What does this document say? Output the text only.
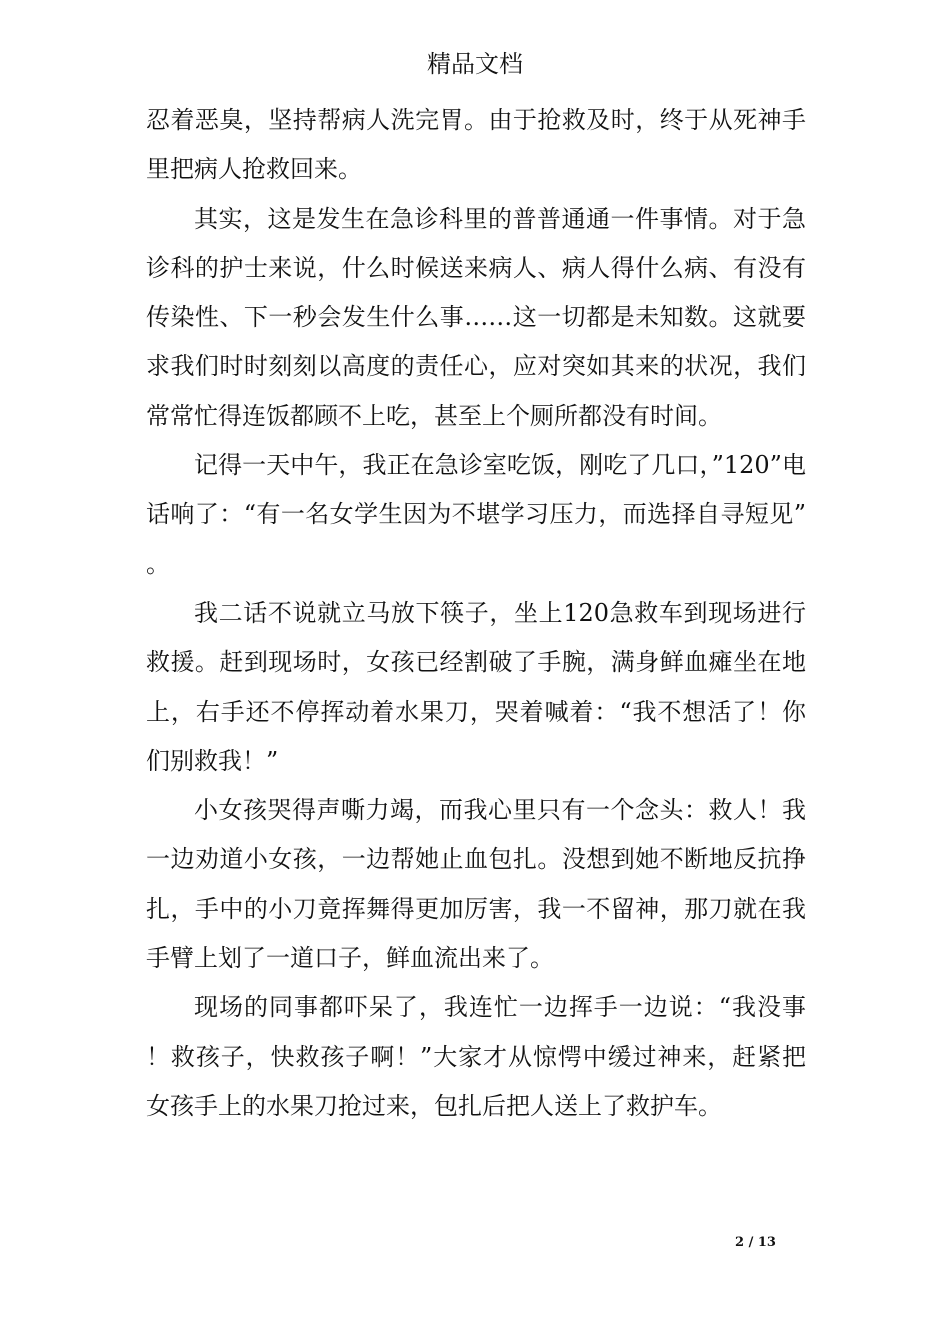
精品文档

忍着恶臭，坚持帮病人洗完胃。由于抢救及时，终于从死神手里把病人抢救回来。

其实，这是发生在急诊科里的普普通通一件事情。对于急诊科的护士来说，什么时候送来病人、病人得什么病、有没有传染性、下一秒会发生什么事……这一切都是未知数。这就要求我们时时刻刻以高度的责任心，应对突如其来的状况，我们常常忙得连饭都顾不上吃，甚至上个厕所都没有时间。

记得一天中午，我正在急诊室吃饭，刚吃了几口，”120”电话响了：“有一名女学生因为不堪学习压力，而选择自寻短见”。

我二话不说就立马放下筷子，坐上120急救车到现场进行救援。赶到现场时，女孩已经割破了手腕，满身鲜血瘫坐在地上，右手还不停挥动着水果刀，哭着喊着：“我不想活了！你们别救我！”

小女孩哭得声嘶力竭，而我心里只有一个念头：救人！我一边劝道小女孩，一边帮她止血包扎。没想到她不断地反抗挣扎，手中的小刀竟挥舞得更加厉害，我一不留神，那刀就在我手臂上划了一道口子，鲜血流出来了。

现场的同事都吓呆了，我连忙一边挥手一边说：“我没事！救孩子，快救孩子啊！”大家才从惊愕中缓过神来，赶紧把女孩手上的水果刀抢过来，包扎后把人送上了救护车。

2 / 13
